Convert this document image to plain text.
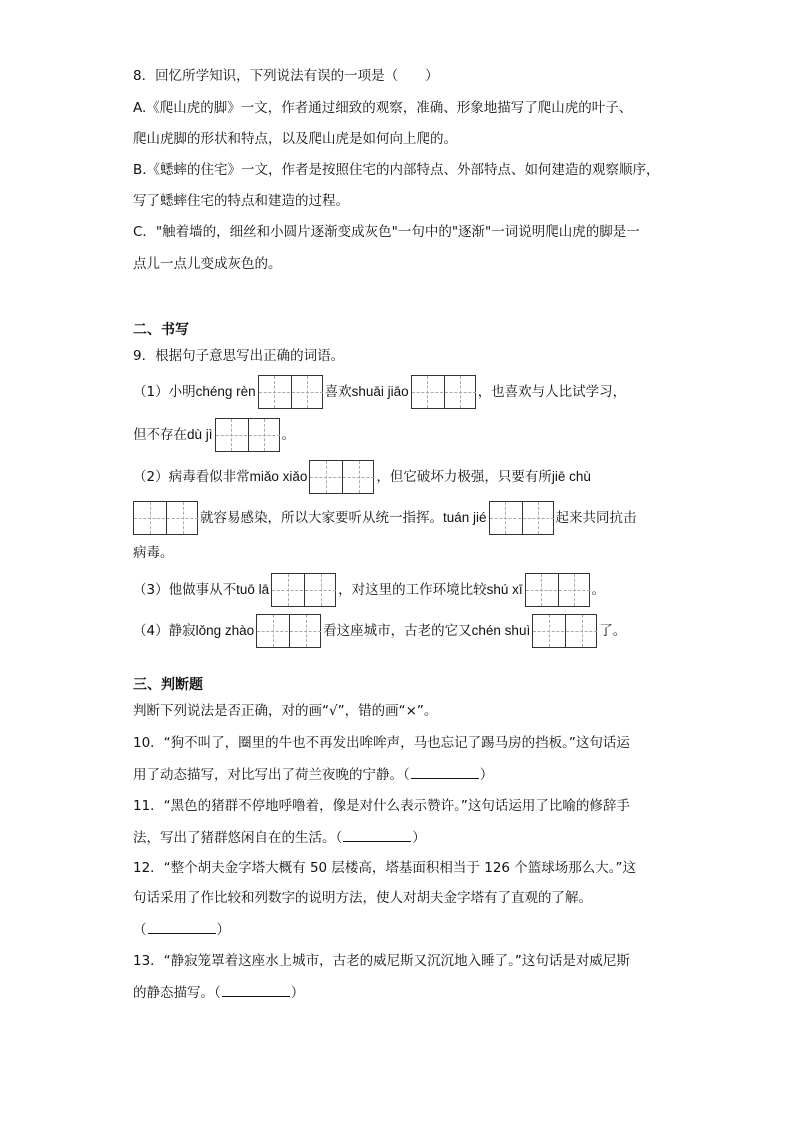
8．回忆所学知识，下列说法有误的一项是（　　）
A.《爬山虎的脚》一文，作者通过细致的观察，准确、形象地描写了爬山虎的叶子、
爬山虎脚的形状和特点，以及爬山虎是如何向上爬的。
B.《蟋蟀的住宅》一文，作者是按照住宅的内部特点、外部特点、如何建造的观察顺序，
写了蟋蟀住宅的特点和建造的过程。
C．"触着墙的，细丝和小圆片逐渐变成灰色"一句中的"逐渐"一词说明爬山虎的脚是一
点儿一点儿变成灰色的。
二、书写
9．根据句子意思写出正确的词语。
（1）小明 chéng rèn	喜欢 shuāi jiāo	，也喜欢与人比试学习，
但不存在 dù jì	。
（2）病毒看似非常 miǎo xiǎo	，但它破坏力极强，只要有所 jiē chù
就容易感染，所以大家要听从统一指挥。 tuán jié	起来共同抗击
病毒。
（3）他做事从不 tuō lā	，对这里的工作环境比较 shú xī	。
（4）静寂 lǒng zhào	看这座城市，古老的它又 chén shuì	了。
三、判断题
判断下列说法是否正确，对的画“√”，错的画“×”。
10．“狗不叫了，圈里的牛也不再发出哞哞声，马也忘记了踢马房的挡板。”这句话运
用了动态描写，对比写出了荷兰夜晚的宁静。（	）
11．“黑色的猪群不停地呼噜着，像是对什么表示赞许。”这句话运用了比喻的修辞手
法，写出了猪群悠闲自在的生活。（	）
12．“整个胡夫金字塔大概有 50 层楼高，塔基面积相当于 126 个篮球场那么大。”这
句话采用了作比较和列数字的说明方法，使人对胡夫金字塔有了直观的了解。
（	）
13．“静寂笼罩着这座水上城市，古老的威尼斯又沉沉地入睡了。”这句话是对威尼斯
的静态描写。（	）
